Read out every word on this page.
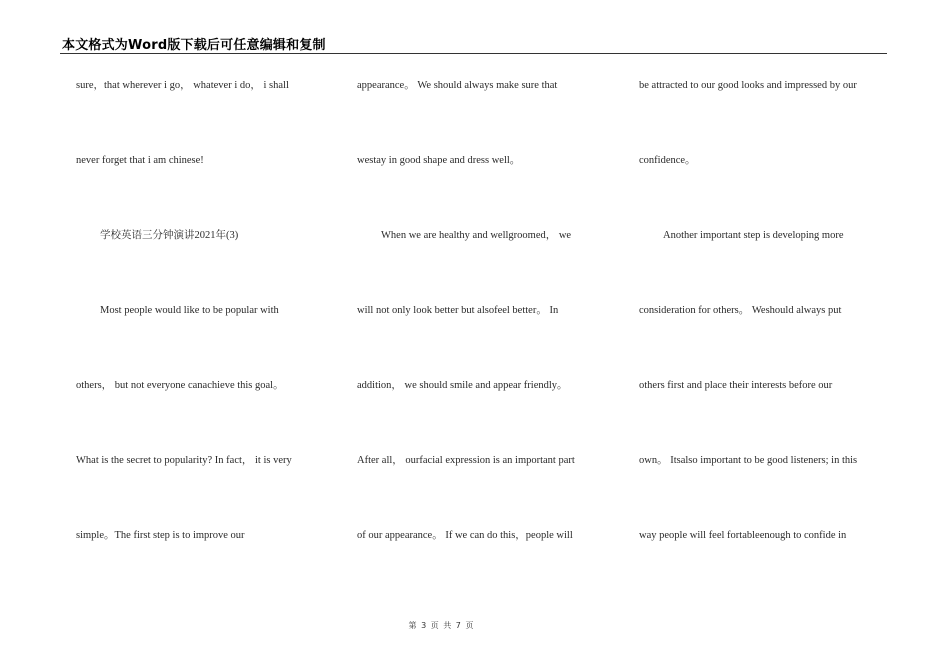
本文格式为Word版下载后可任意编辑和复制
sure，that wherever i go， whatever i do， i shall
never forget that i am chinese!
学校英语三分钟演讲2021年(3)
Most people would like to be popular with
others， but not everyone canachieve this goal。
What is the secret to popularity? In fact， it is very
simple。The first step is to improve our
appearance。 We should always make sure that
westay in good shape and dress well。
When we are healthy and wellgroomed， we
will not only look better but alsofeel better。 In
addition， we should smile and appear friendly。
After all， ourfacial expression is an important part
of our appearance。 If we can do this，people will
be attracted to our good looks and impressed by our
confidence。
Another important step is developing more
consideration for others。 Weshould always put
others first and place their interests before our
own。 Itsalso important to be good listeners; in this
way people will feel fortableenough to confide in
第 3 页 共 7 页
